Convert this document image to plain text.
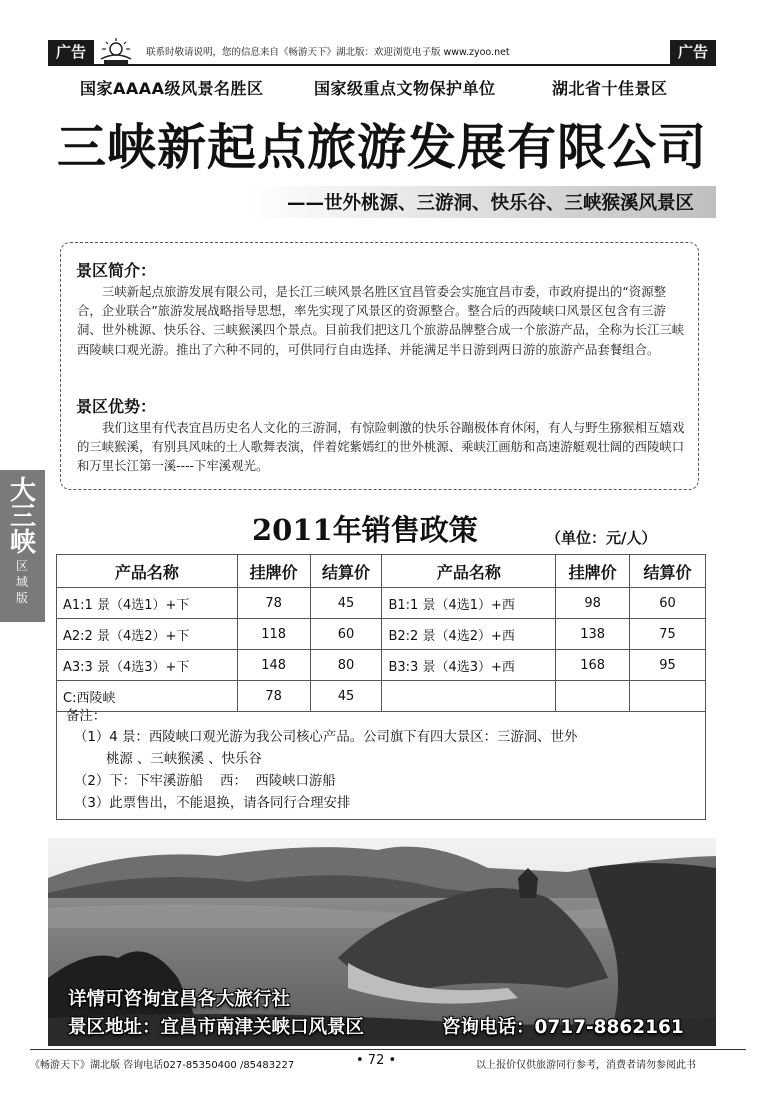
广告	联系时敬请说明，您的信息来自《畅游天下》湖北版：欢迎浏览电子版 www.zyoo.net	广告
国家AAAA级风景名胜区	国家级重点文物保护单位	湖北省十佳景区
三峡新起点旅游发展有限公司
——世外桃源、三游洞、快乐谷、三峡猴溪风景区
景区简介：
三峡新起点旅游发展有限公司，是长江三峡风景名胜区宜昌管委会实施宜昌市委，市政府提出的“资源整合，企业联合”旅游发展战略指导思想，率先实现了风景区的资源整合。整合后的西陵峡口风景区包含有三游洞、世外桃源、快乐谷、三峡猴溪四个景点。目前我们把这几个旅游品牌整合成一个旅游产品，全称为长江三峡西陵峡口观光游。推出了六种不同的，可供同行自由选择、并能满足半日游到两日游的旅游产品套餐组合。
景区优势：
我们这里有代表宜昌历史名人文化的三游洞，有惊险刺激的快乐谷蹦极体育休闲，有人与野生猕猴相互嬉戏的三峡猴溪，有别具风味的土人歌舞表演，伴着姹紫嫣红的世外桃源、乘峡江画舫和高速游艇观壮阔的西陵峡口和万里长江第一溪----下牢溪观光。
大三峡
区域版
2011年销售政策	（单位：元/人）
产品名称	挂牌价	结算价	产品名称	挂牌价	结算价
A1:1 景（4选1）+下	78	45	B1:1 景（4选1）+西	98	60
A2:2 景（4选2）+下	118	60	B2:2 景（4选2）+西	138	75
A3:3 景（4选3）+下	148	80	B3:3 景（4选3）+西	168	95
C:西陵峡	78	45			
备注：
（1）4 景：西陵峡口观光游为我公司核心产品。公司旗下有四大景区：三游洞、世外
桃源 、三峡猴溪 、快乐谷
（2）下：下牢溪游船    西：  西陵峡口游船
（3）此票售出，不能退换，请各同行合理安排
详情可咨询宜昌各大旅行社
景区地址：宜昌市南津关峡口风景区	咨询电话：0717-8862161
《畅游天下》湖北版 咨询电话027-85350400 /85483227	• 72 •	以上报价仅供旅游同行参考，消费者请勿参阅此书
